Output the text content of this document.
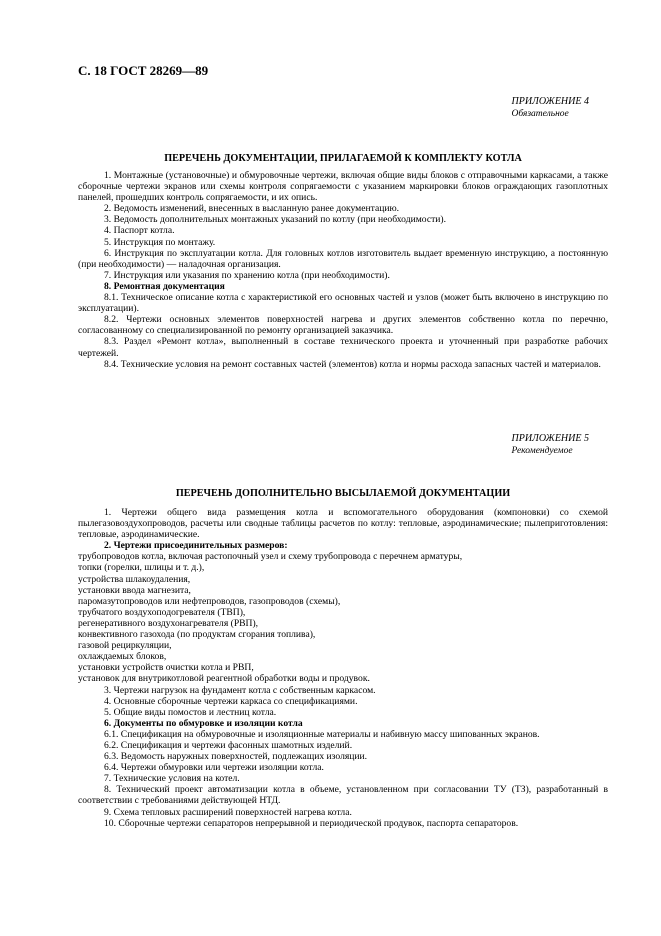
С. 18 ГОСТ 28269—89
ПРИЛОЖЕНИЕ 4
Обязательное
ПЕРЕЧЕНЬ ДОКУМЕНТАЦИИ, ПРИЛАГАЕМОЙ К КОМПЛЕКТУ КОТЛА

1. Монтажные (установочные) и обмуровочные чертежи, включая общие виды блоков с отправочными каркасами, а также сборочные чертежи экранов или схемы контроля сопрягаемости с указанием маркировки блоков ограждающих газоплотных панелей, прошедших контроль сопрягаемости, и их опись.

2. Ведомость изменений, внесенных в высланную ранее документацию.

3. Ведомость дополнительных монтажных указаний по котлу (при необходимости).

4. Паспорт котла.

5. Инструкция по монтажу.

6. Инструкция по эксплуатации котла. Для головных котлов изготовитель выдает временную инструкцию, а постоянную (при необходимости) — наладочная организация.

7. Инструкция или указания по хранению котла (при необходимости).

8. Ремонтная документация

8.1. Техническое описание котла с характеристикой его основных частей и узлов (может быть включено в инструкцию по эксплуатации).

8.2. Чертежи основных элементов поверхностей нагрева и других элементов собственно котла по перечню, согласованному со специализированной по ремонту организацией заказчика.

8.3. Раздел «Ремонт котла», выполненный в составе технического проекта и уточненный при разработке рабочих чертежей.

8.4. Технические условия на ремонт составных частей (элементов) котла и нормы расхода запасных частей и материалов.

ПРИЛОЖЕНИЕ 5
Рекомендуемое
ПЕРЕЧЕНЬ ДОПОЛНИТЕЛЬНО ВЫСЫЛАЕМОЙ ДОКУМЕНТАЦИИ

1. Чертежи общего вида размещения котла и вспомогательного оборудования (компоновки) со схемой пылегазовоздухопроводов, расчеты или сводные таблицы расчетов по котлу: тепловые, аэродинамические; пылеприготовления: тепловые, аэродинамические.

2. Чертежи присоединительных размеров:

трубопроводов котла, включая растопочный узел и схему трубопровода с перечнем арматуры,

топки (горелки, шлицы и т. д.),

устройства шлакоудаления,

установки ввода магнезита,

паромазутопроводов или нефтепроводов, газопроводов (схемы),

трубчатого воздухоподогревателя (ТВП),

регенеративного воздухонагревателя (РВП),

конвективного газохода (по продуктам сгорания топлива),

газовой рециркуляции,

охлаждаемых блоков,

установки устройств очистки котла и РВП,

установок для внутрикотловой реагентной обработки воды и продувок.

3. Чертежи нагрузок на фундамент котла с собственным каркасом.

4. Основные сборочные чертежи каркаса со спецификациями.

5. Общие виды помостов и лестниц котла.

6. Документы по обмуровке и изоляции котла

6.1. Спецификация на обмуровочные и изоляционные материалы и набивную массу шипованных экранов.

6.2. Спецификация и чертежи фасонных шамотных изделий.

6.3. Ведомость наружных поверхностей, подлежащих изоляции.

6.4. Чертежи обмуровки или чертежи изоляции котла.

7. Технические условия на котел.

8. Технический проект автоматизации котла в объеме, установленном при согласовании ТУ (ТЗ), разработанный в соответствии с требованиями действующей НТД.

9. Схема тепловых расширений поверхностей нагрева котла.

10. Сборочные чертежи сепараторов непрерывной и периодической продувок, паспорта сепараторов.
